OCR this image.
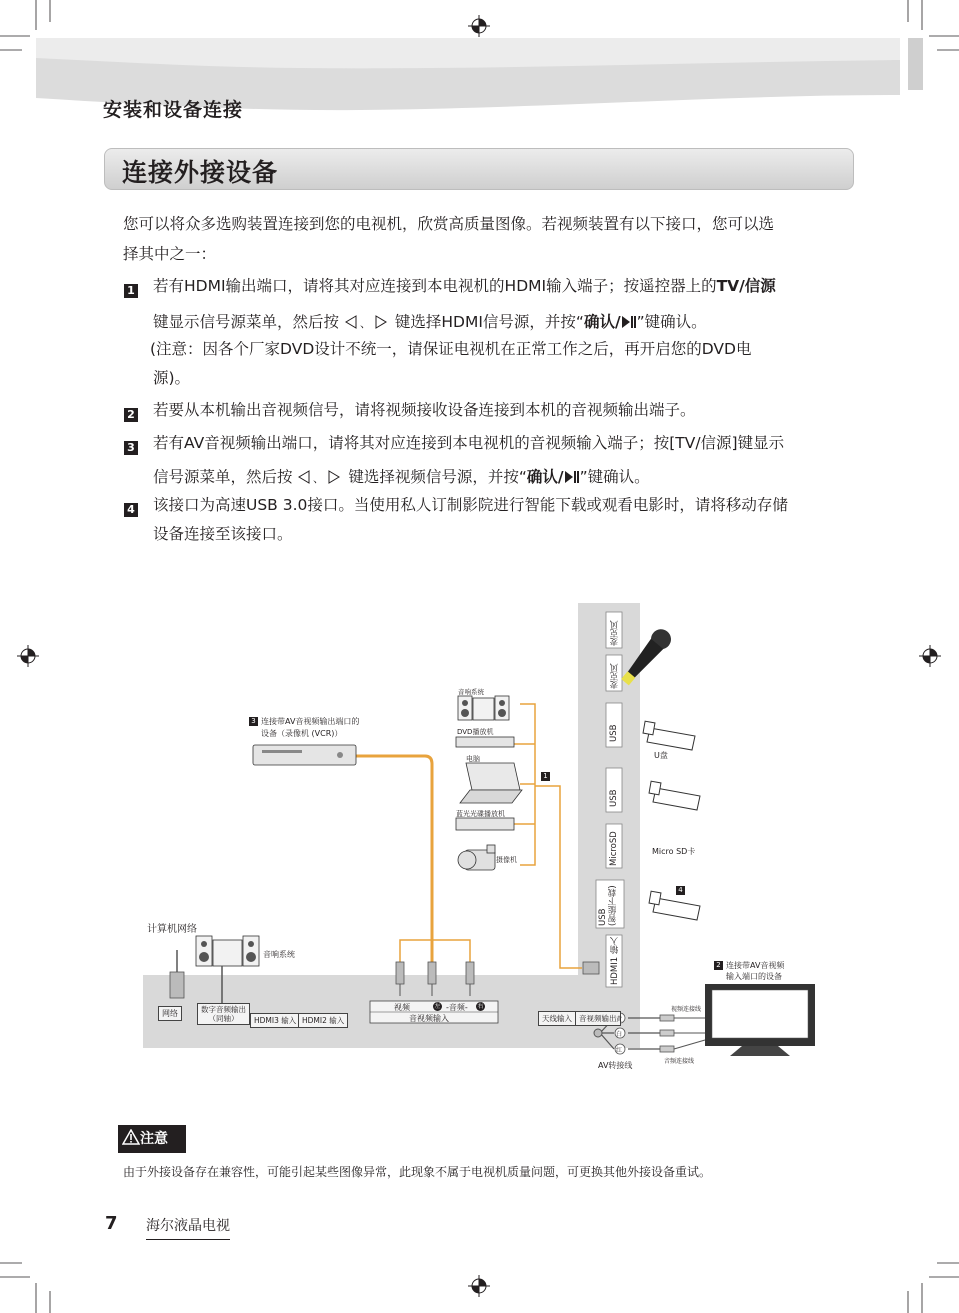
安装和设备连接
连接外接设备
您可以将众多选购装置连接到您的电视机，欣赏高质量图像。若视频装置有以下接口，您可以选
择其中之一：
1 若有HDMI输出端口，请将其对应连接到本电视机的HDMI输入端子；按遥控器上的TV/信源
键显示信号源菜单，然后按 、 键选择HDMI信号源，并按“确认/ ”键确认。
(注意：因各个厂家DVD设计不统一，请保证电视机在正常工作之后，再开启您的DVD电
源)。
2 若要从本机输出音视频信号，请将视频接收设备连接到本机的音视频输出端子。
3 若有AV音视频输出端口，请将其对应连接到本电视机的音视频输入端子；按[TV/信源]键显示
信号源菜单，然后按 、 键选择视频信号源，并按“确认/ ”键确认。
4 该接口为高速USB 3.0接口。当使用私人订制影院进行智能下载或观看电影时，请将移动存储
设备连接至该接口。
麦克风
麦克风
USB
USB
MicroSD
USB
(智能下载)
HDMI1 输入
网络	数字音频输出
（同轴）	HDMI3 输入 HDMI2 输入	天线输入 音视频输出
视频	左 -音频- 右
音视频输入
计算机网络
音响系统
3 连接带AV音视频输出端口的
设备（录像机 (VCR)）
音响系统
DVD播放机
电脑
蓝光光碟播放机
摄像机
1
U盘
Micro SD卡
4
2 连接带AV音视频
输入端口的设备
视频连接线
音频连接线
AV转接线
黄
白
红
注意
由于外接设备存在兼容性，可能引起某些图像异常，此现象不属于电视机质量问题，可更换其他外接设备重试。
7 海尔液晶电视
